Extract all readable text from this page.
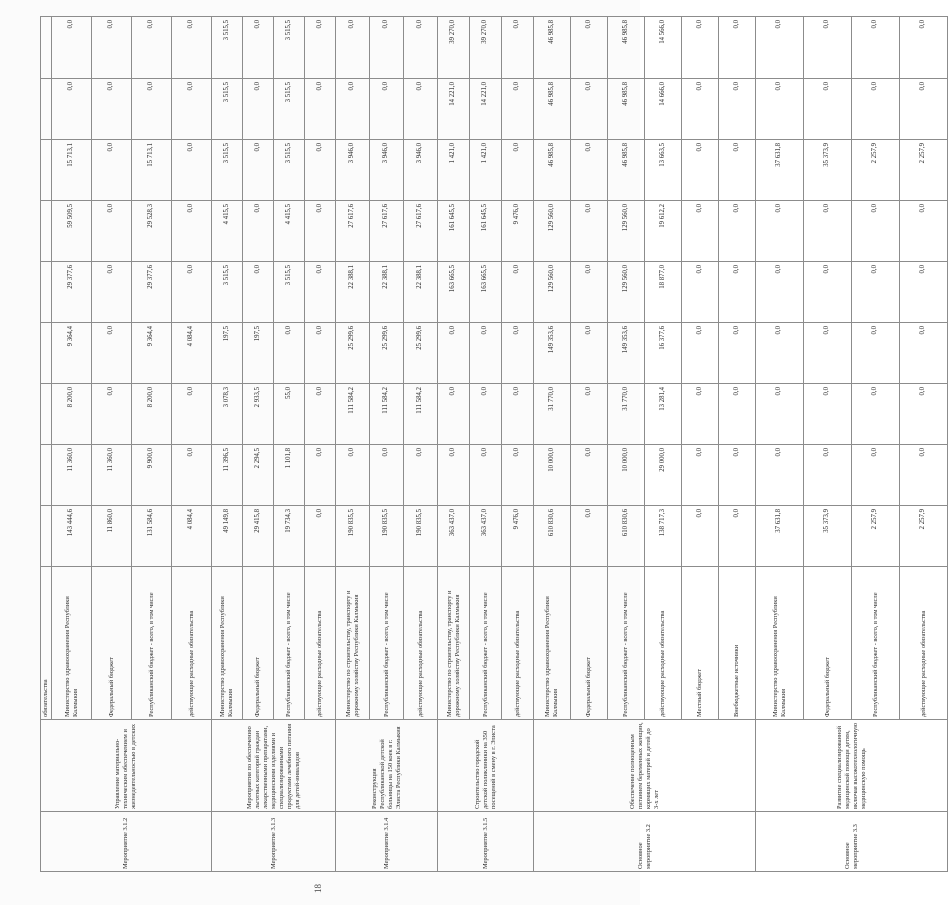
Мероприятие 3.1.2	Управление материально-техническим обеспечением и жизнедеятельностью в детских	обязательства									
		Министерство здравоохранения Республики Калмыкия	143 444,6	11 360,0	8 200,0	9 364,4	29 377,6	59 509,5	15 713,1	0,0	0,0
		Федеральный бюджет	11 860,0	11 360,0	0,0	0,0	0,0	0,0	0,0	0,0	0,0
		Республиканский бюджет - всего, в том числе	131 584,6	9 900,0	8 200,0	9 364,4	29 377,6	29 528,3	15 713,1	0,0	0,0
		действующие расходные обязательства	4 084,4	0,0	0,0	4 084,4	0,0	0,0	0,0	0,0	0,0
Мероприятие 3.1.3	Мероприятия по обеспечению льготных категорий граждан лекарственными препаратами, медицинскими изделиями и специализированными продуктами лечебного питания для детей-инвалидов	Министерство здравоохранения Республики Калмыкия	49 149,8	11 396,5	3 078,3	197,5	3 515,5	4 415,5	3 515,5	3 515,5	3 515,5
		Федеральный бюджет	29 415,8	2 294,5	2 933,5	197,5	0,0	0,0	0,0	0,0	0,0
		Республиканский бюджет - всего, в том числе	19 734,3	1 101,8	55,0	0,0	3 515,5	4 415,5	3 515,5	3 515,5	3 515,5
		действующие расходные обязательства	0,0	0,0	0,0	0,0	0,0	0,0	0,0	0,0	0,0
Мероприятие 3.1.4	Реконструкция Республиканской детской больницы на 150 коек в г. Элиста Республики Калмыкия	Министерство по строительству, транспорту и дорожному хозяйству Республики Калмыкия	190 835,5	0,0	111 584,2	25 299,6	22 388,1	27 617,6	3 946,0	0,0	0,0
		Республиканский бюджет - всего, в том числе	190 835,5	0,0	111 584,2	25 299,6	22 388,1	27 617,6	3 946,0	0,0	0,0
		действующие расходные обязательства	190 835,5	0,0	111 584,2	25 299,6	22 388,1	27 617,6	3 946,0	0,0	0,0
Мероприятие 3.1.5	Строительство городской детской поликлиники на 350 посещений в смену в г. Элиста	Министерство по строительству, транспорту и дорожному хозяйству Республики Калмыкия	363 437,0	0,0	0,0	0,0	163 665,5	161 645,5	1 421,0	14 221,0	39 270,0
		Республиканский бюджет - всего, в том числе	363 437,0	0,0	0,0	0,0	163 665,5	161 645,5	1 421,0	14 221,0	39 270,0
		действующие расходные обязательства	9 476,0	0,0	0,0	0,0	0,0	9 476,0	0,0	0,0	0,0
Основное мероприятие 3.2	Обеспечение полноценным питанием беременных женщин, кормящих матерей и детей до 3-х лет	Министерство здравоохранения Республики Калмыкия	610 830,6	10 000,0	31 770,0	149 353,6	129 560,0	129 560,0	46 985,8	46 985,8	46 985,8
		Федеральный бюджет	0,0	0,0	0,0	0,0	0,0	0,0	0,0	0,0	0,0
		Республиканский бюджет - всего, в том числе	610 830,6	10 000,0	31 770,0	149 353,6	129 560,0	129 560,0	46 985,8	46 985,8	46 985,8
		действующие расходные обязательства	138 717,3	29 000,0	13 281,4	16 377,6	18 877,0	19 612,2	13 663,5	14 666,0	14 566,0
		Местный бюджет	0,0	0,0	0,0	0,0	0,0	0,0	0,0	0,0	0,0
		Внебюджетные источники	0,0	0,0	0,0	0,0	0,0	0,0	0,0	0,0	0,0
Основное мероприятие 3.3	Развитие специализированной медицинской помощи детям, включая высокотехнологичную медицинскую помощь	Министерство здравоохранения Республики Калмыкия	37 631,8	0,0	0,0	0,0	0,0	0,0	37 631,8	0,0	0,0
		Федеральный бюджет	35 373,9	0,0	0,0	0,0	0,0	0,0	35 373,9	0,0	0,0
		Республиканский бюджет - всего, в том числе	2 257,9	0,0	0,0	0,0	0,0	0,0	2 257,9	0,0	0,0
		действующие расходные обязательства	2 257,9	0,0	0,0	0,0	0,0	0,0	2 257,9	0,0	0,0
18
